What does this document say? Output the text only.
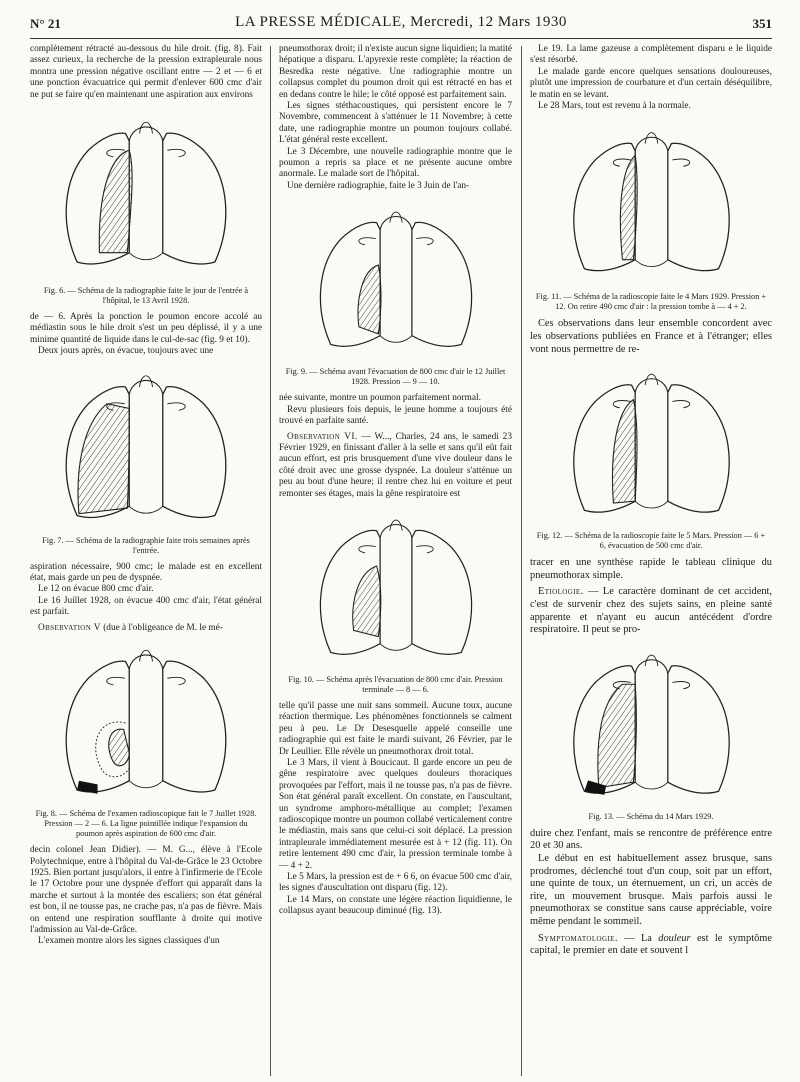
N° 21	LA PRESSE MÉDICALE, Mercredi, 12 Mars 1930	351

complètement rétracté au-dessous du hile droit. (fig. 8). Fait assez curieux, la recherche de la pression extrapleurale nous montra une pression négative oscillant entre — 2 et — 6 et une ponction évacuatrice qui permit d'enlever 600 cmc d'air ne put se faire qu'en maintenant une aspiration aux environs

Fig. 6. — Schéma de la radiographie faite le jour de l'entrée à l'hôpital, le 13 Avril 1928.

de — 6. Après la ponction le poumon encore accolé au médiastin sous le hile droit s'est un peu déplissé, il y a une minime quantité de liquide dans le cul-de-sac (fig. 9 et 10).

Deux jours après, on évacue, toujours avec une

Fig. 7. — Schéma de la radiographie faite trois semaines après l'entrée.

aspiration nécessaire, 900 cmc; le malade est en excellent état, mais garde un peu de dyspnée.

Le 12 on évacue 800 cmc d'air.

Le 16 Juillet 1928, on évacue 400 cmc d'air, l'état général est parfait.

Observation V (due à l'obligeance de M. le mé-

Fig. 8. — Schéma de l'examen radioscopique fait le 7 Juillet 1928. Pression — 2 — 6. La ligne pointillée indique l'expansion du poumon après aspiration de 600 cmc d'air.

decin colonel Jean Didier). — M. G..., élève à l'Ecole Polytechnique, entre à l'hôpital du Val-de-Grâce le 23 Octobre 1925. Bien portant jusqu'alors, il entre à l'infirmerie de l'Ecole le 17 Octobre pour une dyspnée d'effort qui apparaît dans la marche et surtout à la montée des escaliers; son état général est bon, il ne tousse pas, ne crache pas, n'a pas de fièvre. Mais on entend une respiration soufflante à droite qui motive l'admission au Val-de-Grâce.

L'examen montre alors les signes classiques d'un

pneumothorax droit; il n'existe aucun signe liquidien; la matité hépatique a disparu. L'apyrexie reste complète; la réaction de Besredka reste négative. Une radiographie montre un collapsus complet du poumon droit qui est rétracté en bas et en dedans contre le hile; le côté opposé est parfaitement sain.

Les signes stéthacoustiques, qui persistent encore le 7 Novembre, commencent à s'atténuer le 11 Novembre; à cette date, une radiographie montre un poumon toujours collabé. L'état général reste excellent.

Le 3 Décembre, une nouvelle radiographie montre que le poumon a repris sa place et ne présente aucune ombre anormale. Le malade sort de l'hôpital.

Une dernière radiographie, faite le 3 Juin de l'an-

Fig. 9. — Schéma avant l'évacuation de 800 cmc d'air le 12 Juillet 1928. Pression — 9 — 10.

née suivante, montre un poumon parfaitement normal.

Revu plusieurs fois depuis, le jeune homme a toujours été trouvé en parfaite santé.

Observation VI. — W..., Charles, 24 ans, le samedi 23 Février 1929, en finissant d'aller à la selle et sans qu'il eût fait aucun effort, est pris brusquement d'une vive douleur dans le côté droit avec une grosse dyspnée. La douleur s'atténue un peu au bout d'une heure; il rentre chez lui en voiture et peut remonter ses étages, mais la gêne respiratoire est

Fig. 10. — Schéma après l'évacuation de 800 cmc d'air. Pression terminale — 8 — 6.

telle qu'il passe une nuit sans sommeil. Aucune toux, aucune réaction thermique. Les phénomènes fonctionnels se calment peu à peu. Le Dr Desesquelle appelé conseille une radiographie qui est faite le mardi suivant, 26 Février, par le Dr Leullier. Elle révèle un pneumothorax droit total.

Le 3 Mars, il vient à Boucicaut. Il garde encore un peu de gêne respiratoire avec quelques douleurs thoraciques provoquées par l'effort, mais il ne tousse pas, n'a pas de fièvre. Son état général paraît excellent. On constate, en l'auscultant, un syndrome amphoro-métallique au complet; l'examen radioscopique montre un poumon collabé verticalement contre le médiastin, mais sans que celui-ci soit déplacé. La pression intrapleurale immédiatement mesurée est à + 12 (fig. 11). On retire lentement 490 cmc d'air, la pression terminale tombe à — 4 + 2.

Le 5 Mars, la pression est de + 6 6, on évacue 500 cmc d'air, les signes d'auscultation ont disparu (fig. 12).

Le 14 Mars, on constate une légère réaction liquidienne, le collapsus ayant beaucoup diminué (fig. 13).

Le 19. La lame gazeuse a complètement disparu e le liquide s'est résorbé.

Le malade garde encore quelques sensations douloureuses, plutôt une impression de courbature et d'un certain déséquilibre, le matin en se levant.

Le 28 Mars, tout est revenu à la normale.

Fig. 11. — Schéma de la radioscopie faite le 4 Mars 1929. Pression + 12. On retire 490 cmc d'air : la pression tombe à — 4 + 2.

Ces observations dans leur ensemble concordent avec les observations publiées en France et à l'étranger; elles vont nous permettre de re-

Fig. 12. — Schéma de la radioscopie faite le 5 Mars. Pression — 6 + 6, évacuation de 500 cmc d'air.

tracer en une synthèse rapide le tableau clinique du pneumothorax simple.

Etiologie. — Le caractère dominant de cet accident, c'est de survenir chez des sujets sains, en pleine santé apparente et n'ayant eu aucun antécédent d'ordre respiratoire. Il peut se pro-

Fig. 13. — Schéma du 14 Mars 1929.

duire chez l'enfant, mais se rencontre de préférence entre 20 et 30 ans.

Le début en est habituellement assez brusque, sans prodromes, déclenché tout d'un coup, soit par un effort, une quinte de toux, un éternuement, un cri, un accès de rire, un mouvement brusque. Mais parfois aussi le pneumothorax se constitue sans cause appréciable, voire même pendant le sommeil.

Symptomatologie. — La douleur est le symptôme capital, le premier en date et souvent l
